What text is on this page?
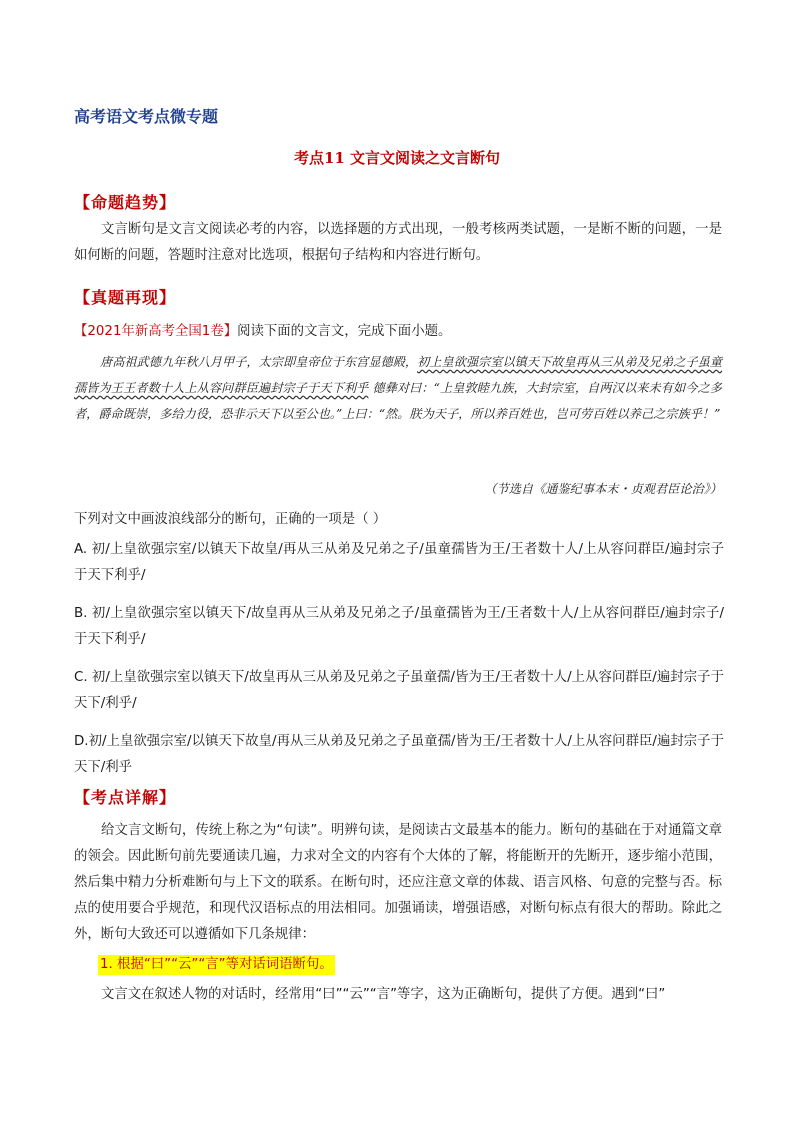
高考语文考点微专题
考点11 文言文阅读之文言断句
【命题趋势】
文言断句是文言文阅读必考的内容，以选择题的方式出现，一般考核两类试题，一是断不断的问题，一是如何断的问题，答题时注意对比选项，根据句子结构和内容进行断句。
【真题再现】
【2021年新高考全国1卷】阅读下面的文言文，完成下面小题。
唐高祖武德九年秋八月甲子，太宗即皇帝位于东宫显德殿，初上皇欲强宗室以镇天下故皇再从三从弟及兄弟之子虽童孺皆为王王者数十人上从容问群臣遍封宗子于天下利乎 德彝对曰：“上皇敦睦九族，大封宗室，自两汉以来未有如今之多者，爵命既崇，多给力役，恐非示天下以至公也。”上曰：“然。朕为天子，所以养百姓也，岂可劳百姓以养己之宗族乎！”
（节选自《通鉴纪事本末・贞观君臣论治》）
下列对文中画波浪线部分的断句，正确的一项是（ ）
A. 初/上皇欲强宗室/以镇天下故皇/再从三从弟及兄弟之子/虽童孺皆为王/王者数十人/上从容问群臣/遍封宗子于天下利乎/
B. 初/上皇欲强宗室以镇天下/故皇再从三从弟及兄弟之子/虽童孺皆为王/王者数十人/上从容问群臣/遍封宗子/于天下利乎/
C. 初/上皇欲强宗室以镇天下/故皇再从三从弟及兄弟之子虽童孺/皆为王/王者数十人/上从容问群臣/遍封宗子于天下/利乎/
D.初/上皇欲强宗室/以镇天下故皇/再从三从弟及兄弟之子虽童孺/皆为王/王者数十人/上从容问群臣/遍封宗子于天下/利乎
【考点详解】
给文言文断句，传统上称之为“句读”。明辨句读，是阅读古文最基本的能力。断句的基础在于对通篇文章的领会。因此断句前先要通读几遍，力求对全文的内容有个大体的了解，将能断开的先断开，逐步缩小范围，然后集中精力分析难断句与上下文的联系。在断句时，还应注意文章的体裁、语言风格、句意的完整与否。标点的使用要合乎规范，和现代汉语标点的用法相同。加强诵读，增强语感，对断句标点有很大的帮助。除此之外，断句大致还可以遵循如下几条规律：
1. 根据“曰”“云”“言”等对话词语断句。
文言文在叙述人物的对话时，经常用“曰”“云”“言”等字，这为正确断句，提供了方便。遇到“曰”
